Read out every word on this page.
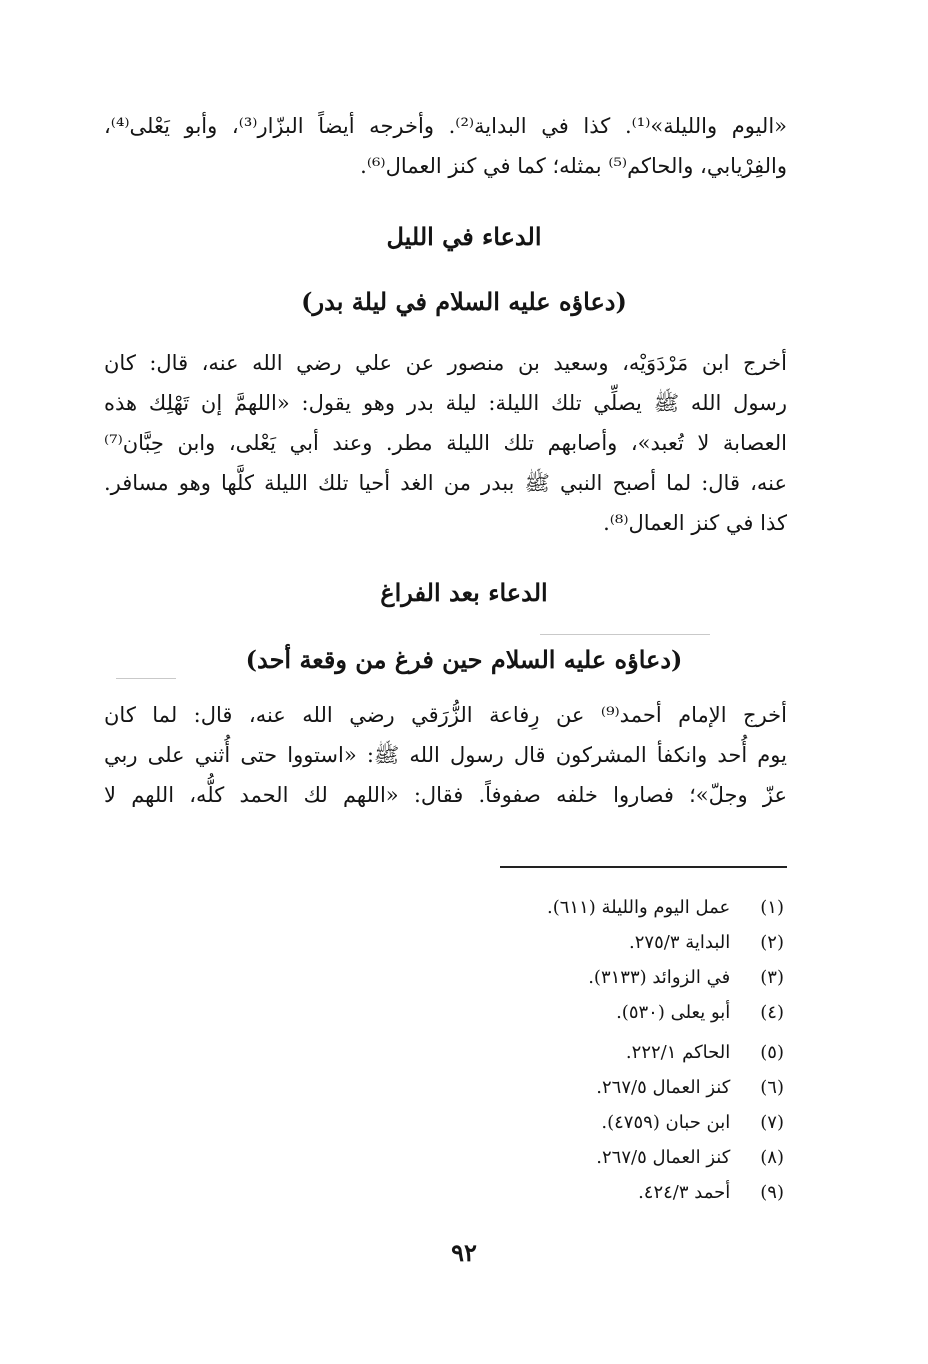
«اليوم والليلة»⁽¹⁾. كذا في البداية⁽²⁾. وأخرجه أيضاً البزّار⁽³⁾، وأبو يَعْلى⁽⁴⁾،
والفِرْيابي، والحاكم⁽⁵⁾ بمثله؛ كما في كنز العمال⁽⁶⁾.
الدعاء في الليل
(دعاؤه عليه السلام في ليلة بدر)
أخرج ابن مَرْدَوَيْه، وسعيد بن منصور عن علي رضي الله عنه، قال: كان
رسول الله ﷺ يصلِّي تلك الليلة: ليلة بدر وهو يقول: «اللهمَّ إن تَهْلِك هذه
العصابة لا تُعبد»، وأصابهم تلك الليلة مطر. وعند أبي يَعْلى، وابن حِبَّان⁽⁷⁾
عنه، قال: لما أصبح النبي ﷺ ببدر من الغد أحيا تلك الليلة كلَّها وهو مسافر.
كذا في كنز العمال⁽⁸⁾.
الدعاء بعد الفراغ
(دعاؤه عليه السلام حين فرغ من وقعة أحد)
أخرج الإمام أحمد⁽⁹⁾ عن رِفاعة الزُّرَقي رضي الله عنه، قال: لما كان
يوم أُحد وانكفأ المشركون قال رسول الله ﷺ: «استووا حتى أُثني على ربي
عزّ وجلّ»؛ فصاروا خلفه صفوفاً. فقال: «اللهم لك الحمد كلُّه، اللهم لا
(١) عمل اليوم والليلة (٦١١).
(٢) البداية ٢٧٥/٣.
(٣) في الزوائد (٣١٣٣).
(٤) أبو يعلى (٥٣٠).
(٥) الحاكم ٢٢٢/١.
(٦) كنز العمال ٢٦٧/٥.
(٧) ابن حبان (٤٧٥٩).
(٨) كنز العمال ٢٦٧/٥.
(٩) أحمد ٤٢٤/٣.
٩٢
